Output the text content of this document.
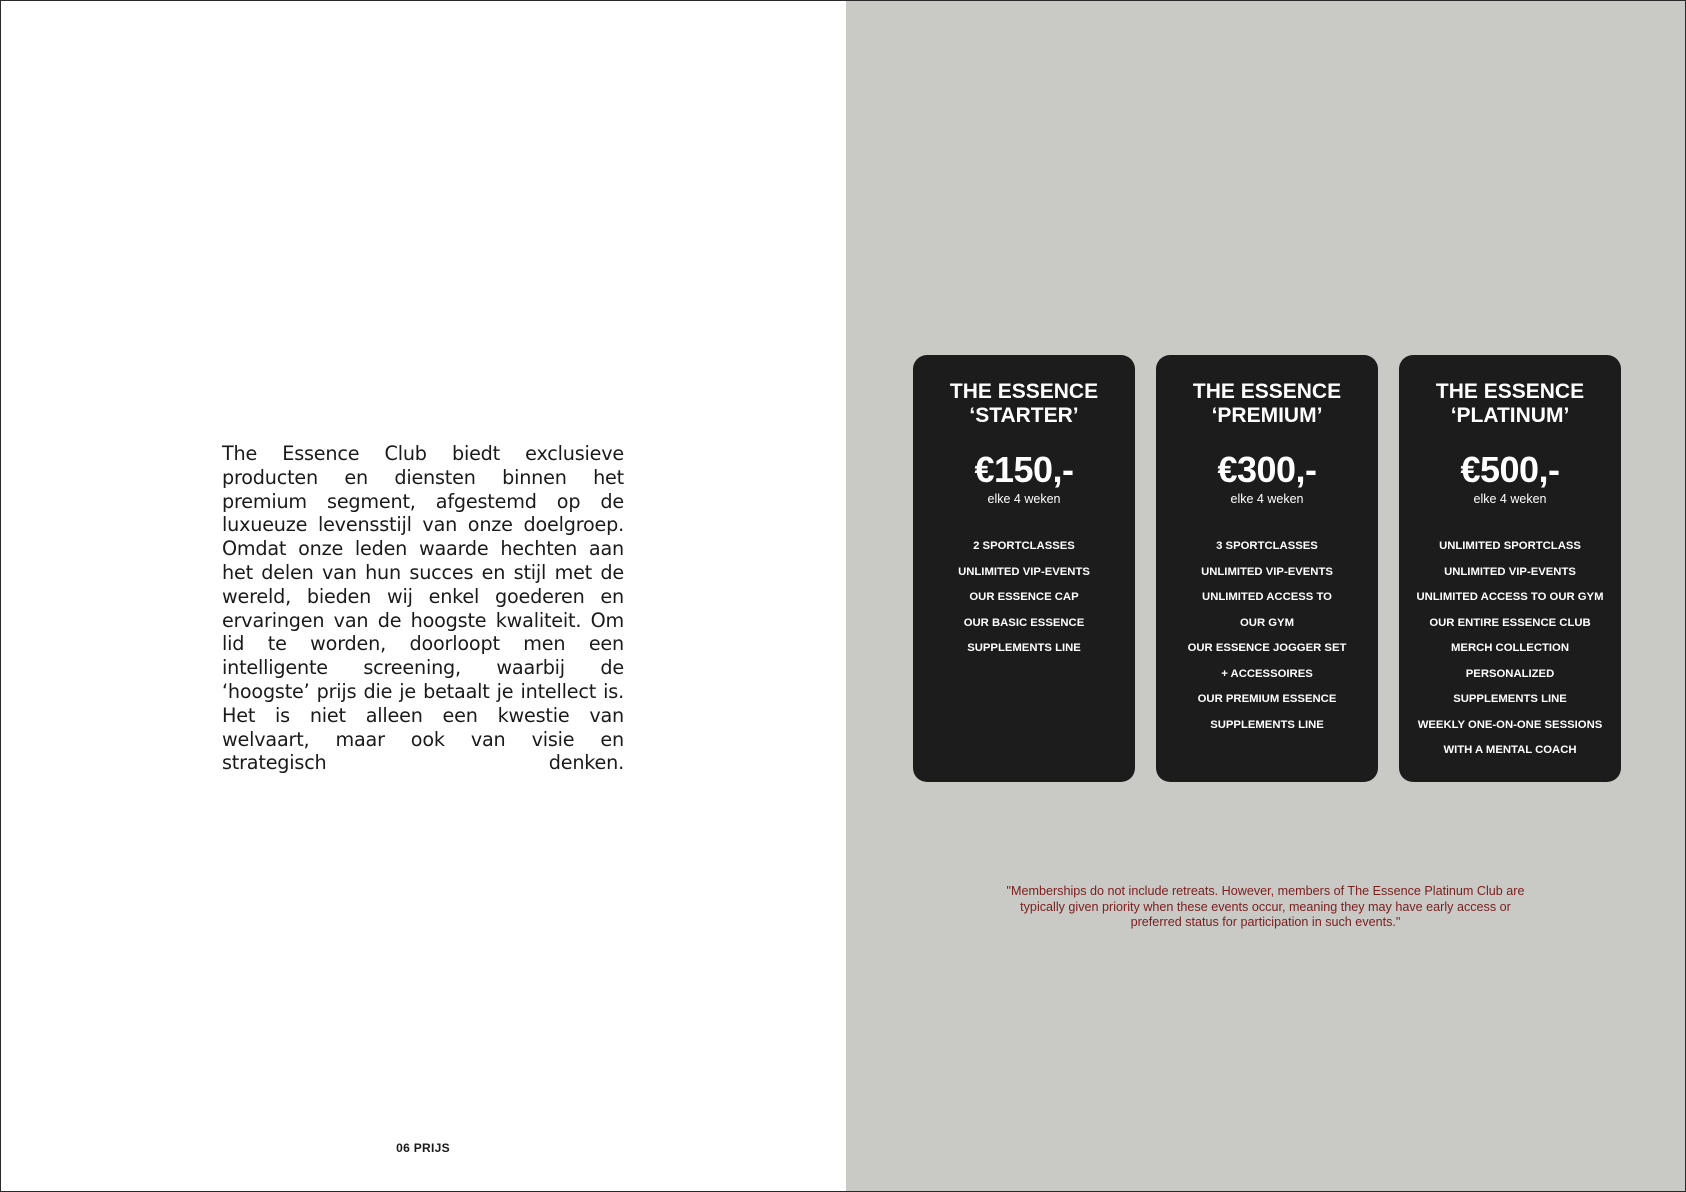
The Essence Club biedt exclusieve producten en diensten binnen het premium segment, afgestemd op de luxueuze levensstijl van onze doelgroep. Omdat onze leden waarde hechten aan het delen van hun succes en stijl met de wereld, bieden wij enkel goederen en ervaringen van de hoogste kwaliteit. Om lid te worden, doorloopt men een intelligente screening, waarbij de ‘hoogste’ prijs die je betaalt je intellect is. Het is niet alleen een kwestie van welvaart, maar ook van visie en strategisch denken.

06 PRIJS
THE ESSENCE
‘STARTER’
€150,-
elke 4 weken
2 SPORTCLASSES
UNLIMITED VIP-EVENTS
OUR ESSENCE CAP
OUR BASIC ESSENCE
SUPPLEMENTS LINE
THE ESSENCE
‘PREMIUM’
€300,-
elke 4 weken
3 SPORTCLASSES
UNLIMITED VIP-EVENTS
UNLIMITED ACCESS TO
OUR GYM
OUR ESSENCE JOGGER SET
+ ACCESSOIRES
OUR PREMIUM ESSENCE
SUPPLEMENTS LINE
THE ESSENCE
‘PLATINUM’
€500,-
elke 4 weken
UNLIMITED SPORTCLASS
UNLIMITED VIP-EVENTS
UNLIMITED ACCESS TO OUR GYM
OUR ENTIRE ESSENCE CLUB
MERCH COLLECTION
PERSONALIZED
SUPPLEMENTS LINE
WEEKLY ONE-ON-ONE SESSIONS
WITH A MENTAL COACH

"Memberships do not include retreats. However, members of The Essence Platinum Club are typically given priority when these events occur, meaning they may have early access or preferred status for participation in such events."
